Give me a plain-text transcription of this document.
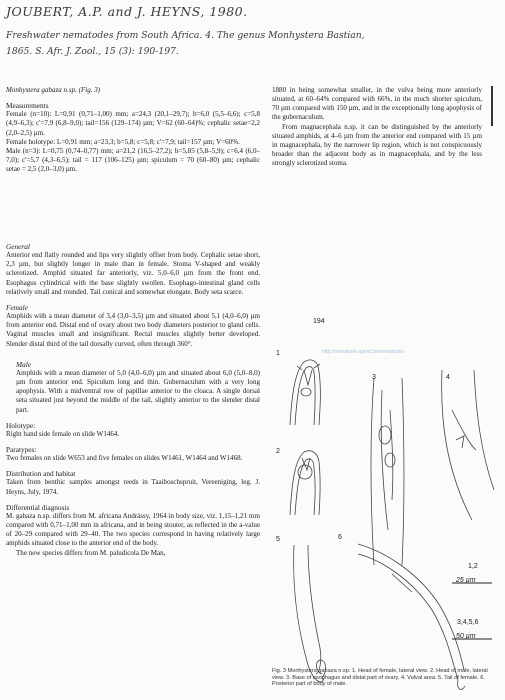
JOUBERT, A.P. and J. HEYNS, 1980.
Freshwater nematodes from South Africa. 4. The genus Monhystera Bastian,
1865. S. Afr. J. Zool., 15 (3): 190-197.

Monhystera gabaza n.sp. (Fig. 3)

Measurements

Female (n=10): L=0,91 (0,71–1,00) mm; a=24,3 (20,1–29,7); b=6,0 (5,5–6,6); c=5,8 (4,9–6,3); c'=7,9 (6,8–9,0); tail=156 (129–174) µm; V=62 (60–64)%; cephalic setae=2,2 (2,0–2,5) µm.

Female holotype: L=0,91 mm; a=23,3; b=5,8; c=5,8; c'=7,9; tail=157 µm; V=60%.

Male (n=3): L=0,75 (0,74–0,77) mm; a=21,2 (16,5–27,2); b=5,85 (5,8–5,9); c=6,4 (6,0–7,0); c'=5,7 (4,3–6,5); tail = 117 (106–125) µm; spiculum = 70 (60–80) µm; cephalic setae = 2,5 (2,0–3,0) µm.

1880 in being somewhat smaller, in the vulva being more anteriorly situated, at 60–64% compared with 66%, in the much shorter spiculum, 70 µm compared with 150 µm, and in the exceptionally long apophysis of the gubernaculum.

From magnacephala n.sp. it can be distinguished by the anteriorly situated amphids, at 4–6 µm from the anterior end compared with 15 µm in magnacephala, by the narrower lip region, which is not conspicuously broader than the adjacent body as in magnacephala, and by the less strongly sclerotized stoma.

General

Anterior end flatly rounded and lips very slightly offset from body. Cephalic setae short, 2,3 µm, but slightly longer in male than in female. Stoma V-shaped and weakly sclerotized. Amphid situated far anteriorly, viz. 5,0–6,0 µm from the front end. Esophagus cylindrical with the base slightly swollen. Esophago-intestinal gland cells relatively small and rounded. Tail conical and somewhat elongate. Body seta scarce.

Female

Amphids with a mean diameter of 3,4 (3,0–3,5) µm and situated about 5,1 (4,0–6,0) µm from anterior end. Distal end of ovary about two body diameters posterior to gland cells. Vaginal muscles small and insignificant. Rectal muscles slightly better developed. Slender distal third of the tail dorsally curved, often through 360°.

Male

Amphids with a mean diameter of 5,0 (4,0–6,0) µm and situated about 6,0 (5,0–8,0) µm from anterior end. Spiculum long and thin. Gubernaculum with a very long apophysis. With a midventral row of papillae anterior to the cloaca. A single dorsal seta situated just beyond the middle of the tail, slightly anterior to the slender distal part.

Holotype:

Right hand side female on slide W1464.

Paratypes:

Two females on slide W653 and five females on slides W1461, W1464 and W1468.

Distribution and habitat

Taken from benthic samples amongst reeds in Taaiboschspruit, Vereeniging, leg. J. Heyns, July, 1974.

Differential diagnosis

M. gabaza n.sp. differs from M. africana Andrássy, 1964 in body size, viz. 1,15–1,21 mm compared with 0,71–1,00 mm in africana, and in being stouter, as reflected in the a-value of 20–29 compared with 29–40. The two species correspond in having relatively large amphids situated close to the anterior end of the body.

The new species differs from M. paludicola De Man,

194
http://nematode-agent.be/nematodes
1
2
3	4
5	6
1,2
25 µm
3,4,5,6
50 µm
Fig. 3 Monhystera gabaza n.sp. 1. Head of female, lateral view. 2. Head of male, lateral view. 3. Base of esophagus and distal part of ovary. 4. Vulval area. 5. Tail of female. 6. Posterior part of body of male.
